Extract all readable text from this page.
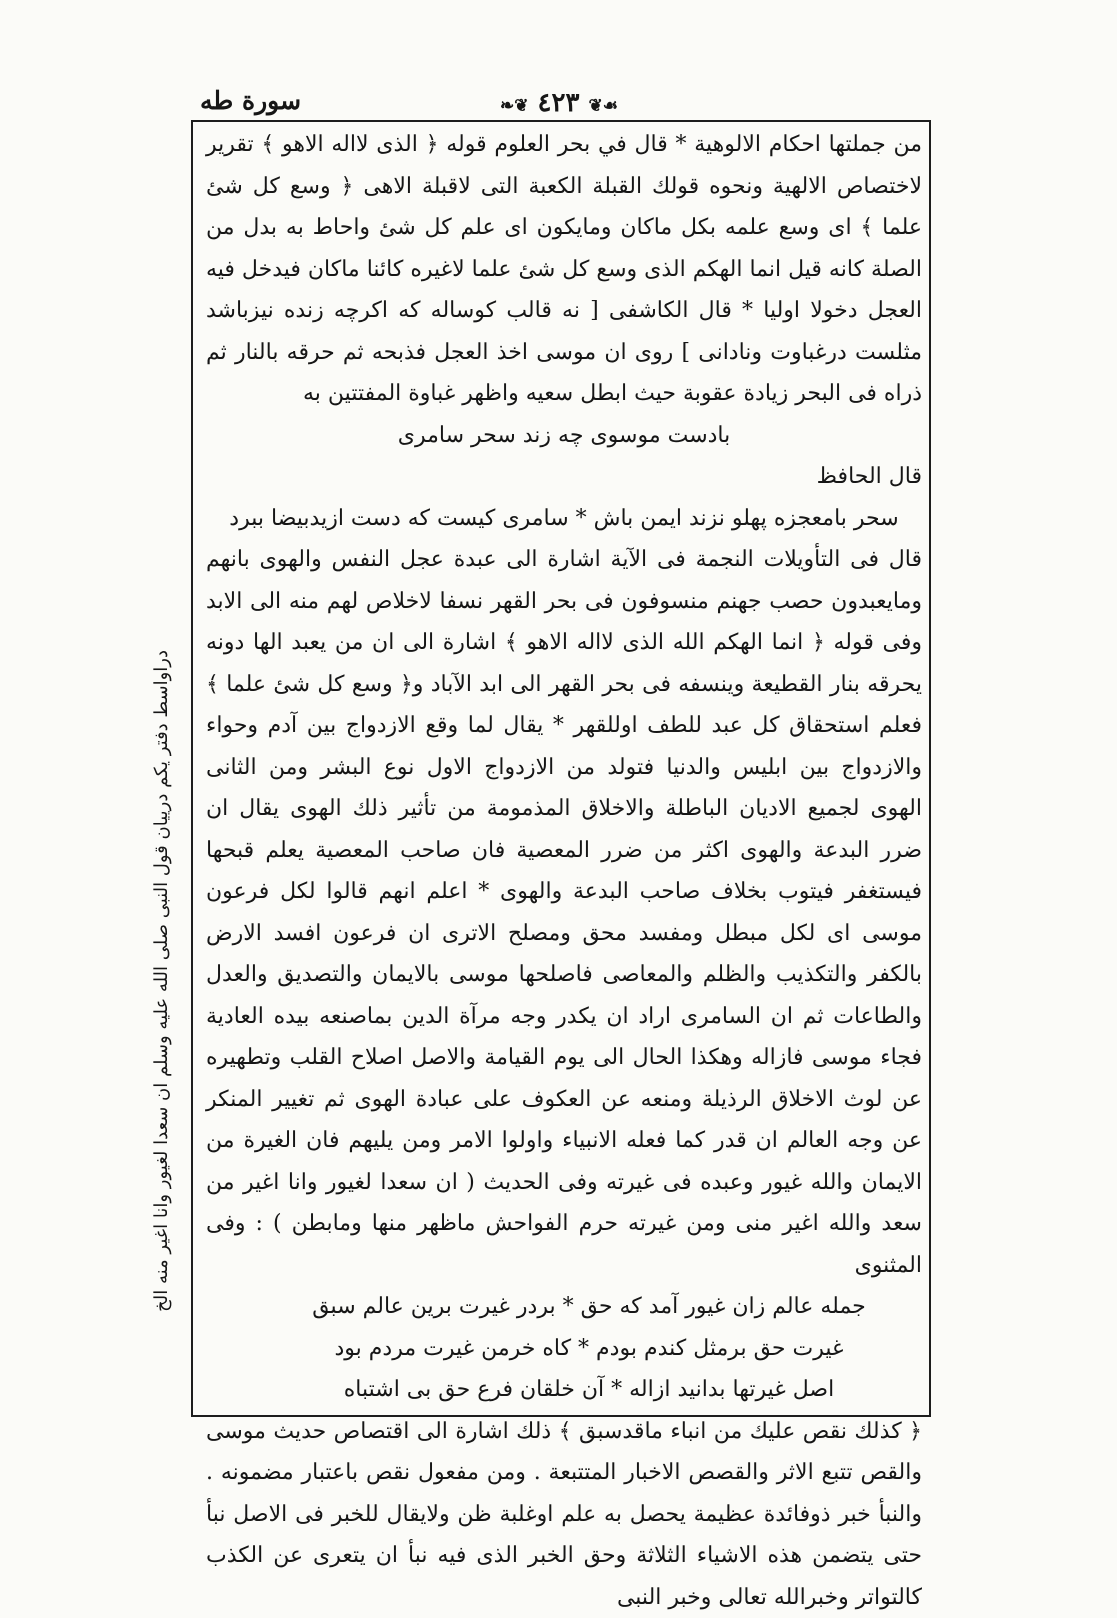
سورة طه	❧❦ ٤٢٣ ❦☙

من جملتها احكام الالوهية * قال في بحر العلوم قوله ﴿ الذى لااله الاهو ﴾ تقرير لاختصاص الالهية ونحوه قولك القبلة الكعبة التى لاقبلة الاهى ﴿ وسع كل شئ علما ﴾ اى وسع علمه بكل ماكان ومايكون اى علم كل شئ واحاط به بدل من الصلة كانه قيل انما الهكم الذى وسع كل شئ علما لاغيره كائنا ماكان فيدخل فيه العجل دخولا اوليا * قال الكاشفى [ نه قالب كوساله كه اكرچه زنده نيزباشد مثلست درغباوت ونادانى ] روى ان موسى اخذ العجل فذبحه ثم حرقه بالنار ثم ذراه فى البحر زيادة عقوبة حيث ابطل سعيه واظهر غباوة المفتتين به

بادست موسوى چه زند سحر سامرى

قال الحافظ

سحر بامعجزه پهلو نزند ايمن باش * سامرى كيست كه دست ازيدبيضا ببرد

قال فى التأويلات النجمة فى الآية اشارة الى عبدة عجل النفس والهوى بانهم ومايعبدون حصب جهنم منسوفون فى بحر القهر نسفا لاخلاص لهم منه الى الابد وفى قوله ﴿ انما الهكم الله الذى لااله الاهو ﴾ اشارة الى ان من يعبد الها دونه يحرقه بنار القطيعة وينسفه فى بحر القهر الى ابد الآباد و﴿ وسع كل شئ علما ﴾ فعلم استحقاق كل عبد للطف اوللقهر * يقال لما وقع الازدواج بين آدم وحواء والازدواج بين ابليس والدنيا فتولد من الازدواج الاول نوع البشر ومن الثانى الهوى لجميع الاديان الباطلة والاخلاق المذمومة من تأثير ذلك الهوى يقال ان ضرر البدعة والهوى اكثر من ضرر المعصية فان صاحب المعصية يعلم قبحها فيستغفر فيتوب بخلاف صاحب البدعة والهوى * اعلم انهم قالوا لكل فرعون موسى اى لكل مبطل ومفسد محق ومصلح الاترى ان فرعون افسد الارض بالكفر والتكذيب والظلم والمعاصى فاصلحها موسى بالايمان والتصديق والعدل والطاعات ثم ان السامرى اراد ان يكدر وجه مرآة الدين بماصنعه بيده العادية فجاء موسى فازاله وهكذا الحال الى يوم القيامة والاصل اصلاح القلب وتطهيره عن لوث الاخلاق الرذيلة ومنعه عن العكوف على عبادة الهوى ثم تغيير المنكر عن وجه العالم ان قدر كما فعله الانبياء واولوا الامر ومن يليهم فان الغيرة من الايمان والله غيور وعبده فى غيرته وفى الحديث ( ان سعدا لغيور وانا اغير من سعد والله اغير منى ومن غيرته حرم الفواحش ماظهر منها ومابطن ) : وفى المثنوى

جمله عالم زان غيور آمد كه حق * بردر غيرت برين عالم سبق

غيرت حق برمثل كندم بودم * كاه خرمن غيرت مردم بود

اصل غيرتها بدانيد ازاله * آن خلقان فرع حق بى اشتباه

﴿ كذلك نقص عليك من انباء ماقدسبق ﴾ ذلك اشارة الى اقتصاص حديث موسى والقص تتبع الاثر والقصص الاخبار المتتبعة . ومن مفعول نقص باعتبار مضمونه . والنبأ خبر ذوفائدة عظيمة يحصل به علم اوغلبة ظن ولايقال للخبر فى الاصل نبأ حتى يتضمن هذه الاشياء الثلاثة وحق الخبر الذى فيه نبأ ان يتعرى عن الكذب كالتواتر وخبرالله تعالى وخبر النبى

دراواسط دفتر يكم درييان قول النبى صلى الله عليه وسلم ان سعدا لغيور وانا اغير منه الخ
